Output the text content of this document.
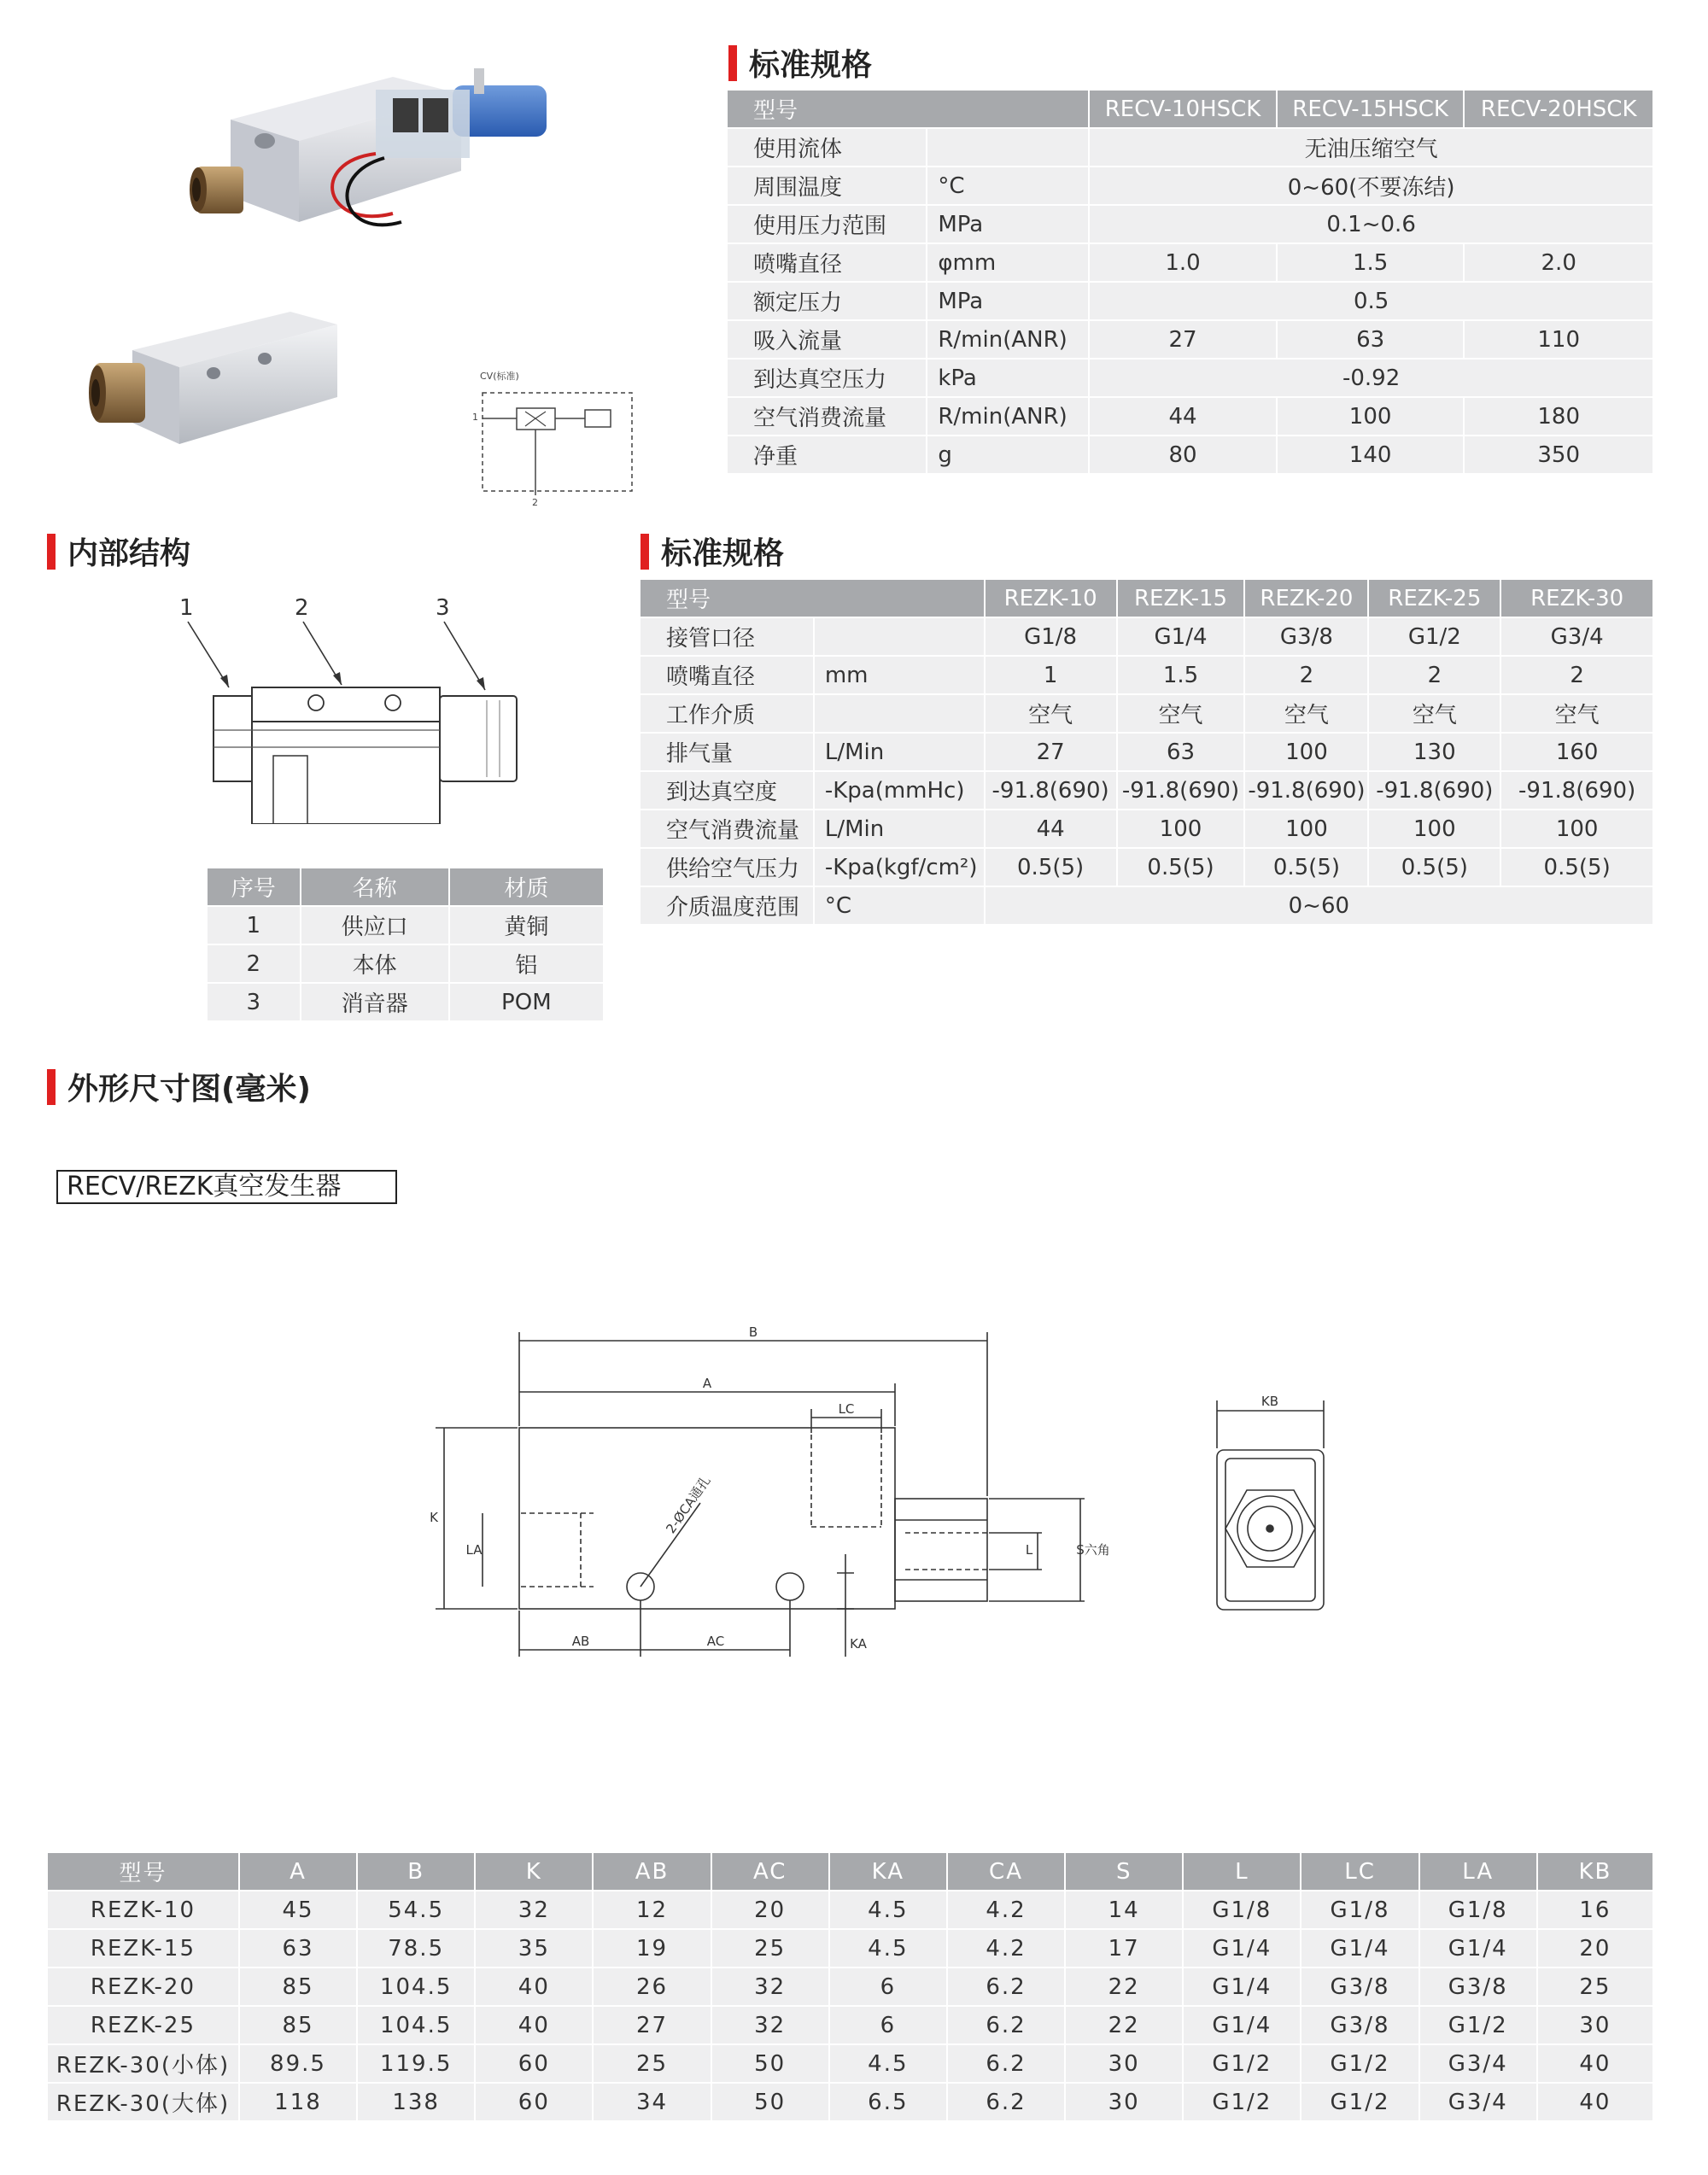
CV(标准)
1
2
标准规格
型号		RECV-10HSCK	RECV-15HSCK	RECV-20HSCK
使用流体		无油压缩空气		
周围温度	°C	0~60(不要冻结)		
使用压力范围	MPa	0.1~0.6		
喷嘴直径	φmm	1.0	1.5	2.0
额定压力	MPa	0.5		
吸入流量	R/min(ANR)	27	63	110
到达真空压力	kPa	-0.92		
空气消费流量	R/min(ANR)	44	100	180
净重	g	80	140	350
内部结构
1	2	3
序号	名称	材质
1	供应口	黄铜
2	本体	铝
3	消音器	POM
标准规格
型号		REZK-10	REZK-15	REZK-20	REZK-25	REZK-30
接管口径		G1/8	G1/4	G3/8	G1/2	G3/4
喷嘴直径	mm	1	1.5	2	2	2
工作介质		空气	空气	空气	空气	空气
排气量	L/Min	27	63	100	130	160
到达真空度	-Kpa(mmHc)	-91.8(690)	-91.8(690)	-91.8(690)	-91.8(690)	-91.8(690)
空气消费流量	L/Min	44	100	100	100	100
供给空气压力	-Kpa(kgf/cm²)	0.5(5)	0.5(5)	0.5(5)	0.5(5)	0.5(5)
介质温度范围	°C	0~60				
外形尺寸图(毫米)
RECV/REZK真空发生器
B
A
LC
K
LA
2-ØCA通孔
L	S六角
AB	AC	KA
KB
型号	A	B	K	AB	AC	KA	CA	S	L	LC	LA	KB
REZK-10	45	54.5	32	12	20	4.5	4.2	14	G1/8	G1/8	G1/8	16
REZK-15	63	78.5	35	19	25	4.5	4.2	17	G1/4	G1/4	G1/4	20
REZK-20	85	104.5	40	26	32	6	6.2	22	G1/4	G3/8	G3/8	25
REZK-25	85	104.5	40	27	32	6	6.2	22	G1/4	G3/8	G1/2	30
REZK-30(小体)	89.5	119.5	60	25	50	4.5	6.2	30	G1/2	G1/2	G3/4	40
REZK-30(大体)	118	138	60	34	50	6.5	6.2	30	G1/2	G1/2	G3/4	40
